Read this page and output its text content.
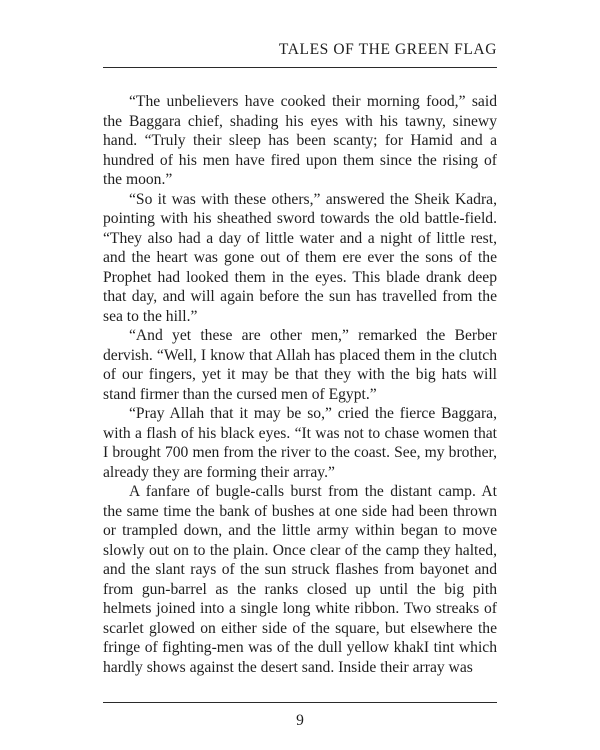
TALES OF THE GREEN FLAG

“The unbelievers have cooked their morning food,” said the Baggara chief, shading his eyes with his tawny, sinewy hand. “Truly their sleep has been scanty; for Hamid and a hundred of his men have fired upon them since the rising of the moon.”

“So it was with these others,” answered the Sheik Kadra, pointing with his sheathed sword towards the old battle-field. “They also had a day of little water and a night of little rest, and the heart was gone out of them ere ever the sons of the Prophet had looked them in the eyes. This blade drank deep that day, and will again before the sun has travelled from the sea to the hill.”

“And yet these are other men,” remarked the Berber dervish. “Well, I know that Allah has placed them in the clutch of our fingers, yet it may be that they with the big hats will stand firmer than the cursed men of Egypt.”

“Pray Allah that it may be so,” cried the fierce Baggara, with a flash of his black eyes. “It was not to chase women that I brought 700 men from the river to the coast. See, my brother, already they are forming their array.”

A fanfare of bugle-calls burst from the distant camp. At the same time the bank of bushes at one side had been thrown or trampled down, and the little army within began to move slowly out on to the plain. Once clear of the camp they halted, and the slant rays of the sun struck flashes from bayonet and from gun-barrel as the ranks closed up until the big pith helmets joined into a single long white ribbon. Two streaks of scarlet glowed on either side of the square, but elsewhere the fringe of fighting-men was of the dull yellow khakI tint which hardly shows against the desert sand. Inside their array was

9
